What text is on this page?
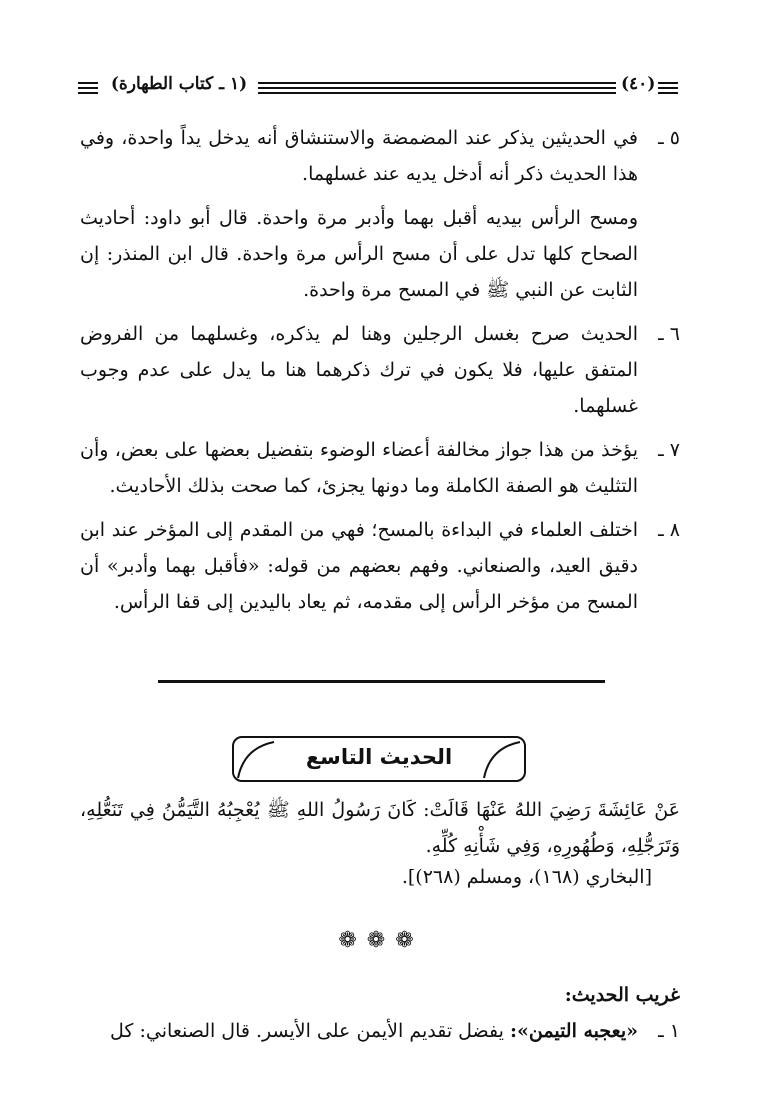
(١ ـ كتاب الطهارة)	(٤٠)
٥ ـ
في الحديثين يذكر عند المضمضة والاستنشاق أنه يدخل يداً واحدة، وفي هذا الحديث ذكر أنه أدخل يديه عند غسلهما.
ومسح الرأس بيديه أقبل بهما وأدبر مرة واحدة. قال أبو داود: أحاديث الصحاح كلها تدل على أن مسح الرأس مرة واحدة. قال ابن المنذر: إن الثابت عن النبي ﷺ في المسح مرة واحدة.
٦ ـ
الحديث صرح بغسل الرجلين وهنا لم يذكره، وغسلهما من الفروض المتفق عليها، فلا يكون في ترك ذكرهما هنا ما يدل على عدم وجوب غسلهما.
٧ ـ
يؤخذ من هذا جواز مخالفة أعضاء الوضوء بتفضيل بعضها على بعض، وأن التثليث هو الصفة الكاملة وما دونها يجزئ، كما صحت بذلك الأحاديث.
٨ ـ
اختلف العلماء في البداءة بالمسح؛ فهي من المقدم إلى المؤخر عند ابن دقيق العيد، والصنعاني. وفهم بعضهم من قوله: «فأقبل بهما وأدبر» أن المسح من مؤخر الرأس إلى مقدمه، ثم يعاد باليدين إلى قفا الرأس.
الحديث التاسع
عَنْ عَائِشَةَ رَضِيَ اللهُ عَنْهَا قَالَتْ: كَانَ رَسُولُ اللهِ ﷺ يُعْجِبُهُ التَّيَمُّنُ فِي تَنَعُّلِهِ، وَتَرَجُّلِهِ، وَطُهُورِهِ، وَفِي شَأْنِهِ كُلِّهِ.
[البخاري (١٦٨)، ومسلم (٢٦٨)].
❁❁❁
غريب الحديث:
١ ـ
«يعجبه التيمن»: يفضل تقديم الأيمن على الأيسر. قال الصنعاني: كل
